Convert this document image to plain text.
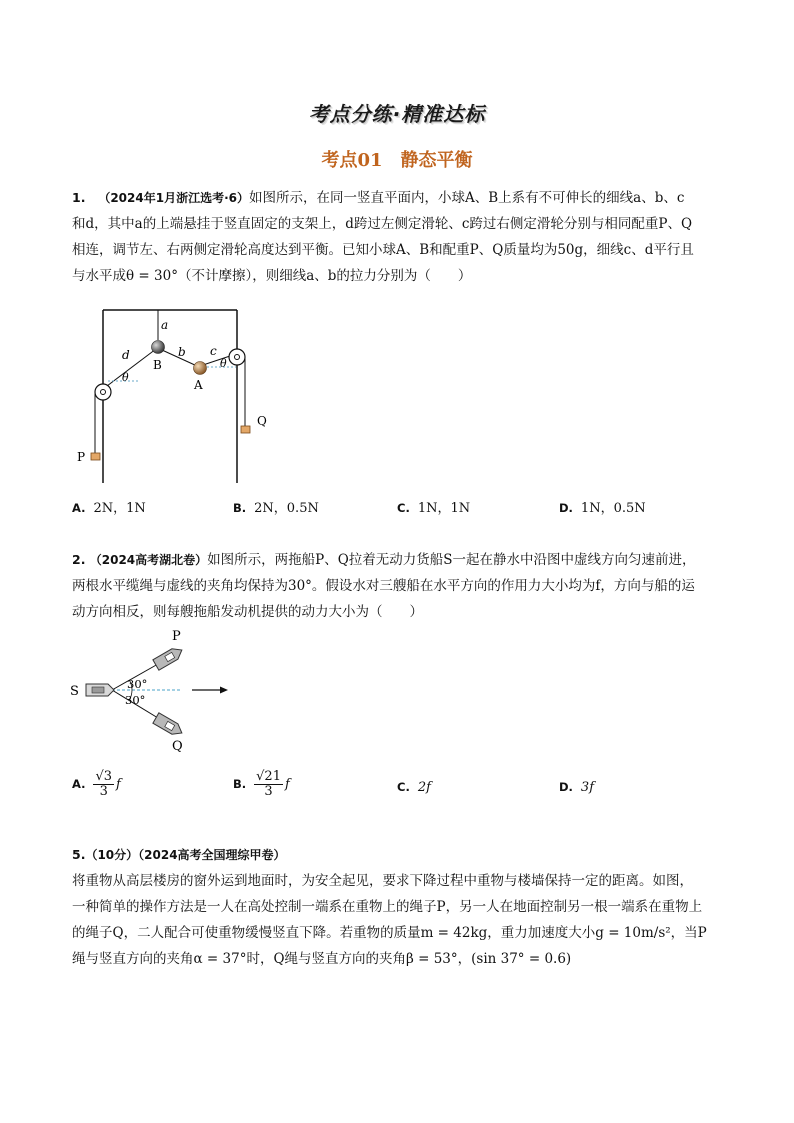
考点分练·精准达标
考点01　静态平衡
1. （2024年1月浙江选考·6）如图所示，在同一竖直平面内，小球A、B上系有不可伸长的细线a、b、c
和d，其中a的上端悬挂于竖直固定的支架上，d跨过左侧定滑轮、c跨过右侧定滑轮分别与相同配重P、Q
相连，调节左、右两侧定滑轮高度达到平衡。已知小球A、B和配重P、Q质量均为50g，细线c、d平行且
与水平成θ = 30°（不计摩擦），则细线a、b的拉力分别为（　　）
a
d	b c
B
A
θ
θ
P
Q
A. 2N，1N	B. 2N，0.5N	C. 1N，1N	D. 1N，0.5N
2. （2024高考湖北卷）如图所示，两拖船P、Q拉着无动力货船S一起在静水中沿图中虚线方向匀速前进，
两根水平缆绳与虚线的夹角均保持为30°。假设水对三艘船在水平方向的作用力大小均为f，方向与船的运
动方向相反，则每艘拖船发动机提供的动力大小为（　　）
P
Q
S	30°
30°
A. $\frac{√3}{3}$ f	B. $\frac{√21}{3}$ f	C. 2f	D. 3f
5.（10分）（2024高考全国理综甲卷）
将重物从高层楼房的窗外运到地面时，为安全起见，要求下降过程中重物与楼墙保持一定的距离。如图，
一种简单的操作方法是一人在高处控制一端系在重物上的绳子P，另一人在地面控制另一根一端系在重物上
的绳子Q，二人配合可使重物缓慢竖直下降。若重物的质量m = 42kg，重力加速度大小g = 10m/s²，当P
绳与竖直方向的夹角α = 37°时，Q绳与竖直方向的夹角β = 53°，(sin 37° = 0.6)
